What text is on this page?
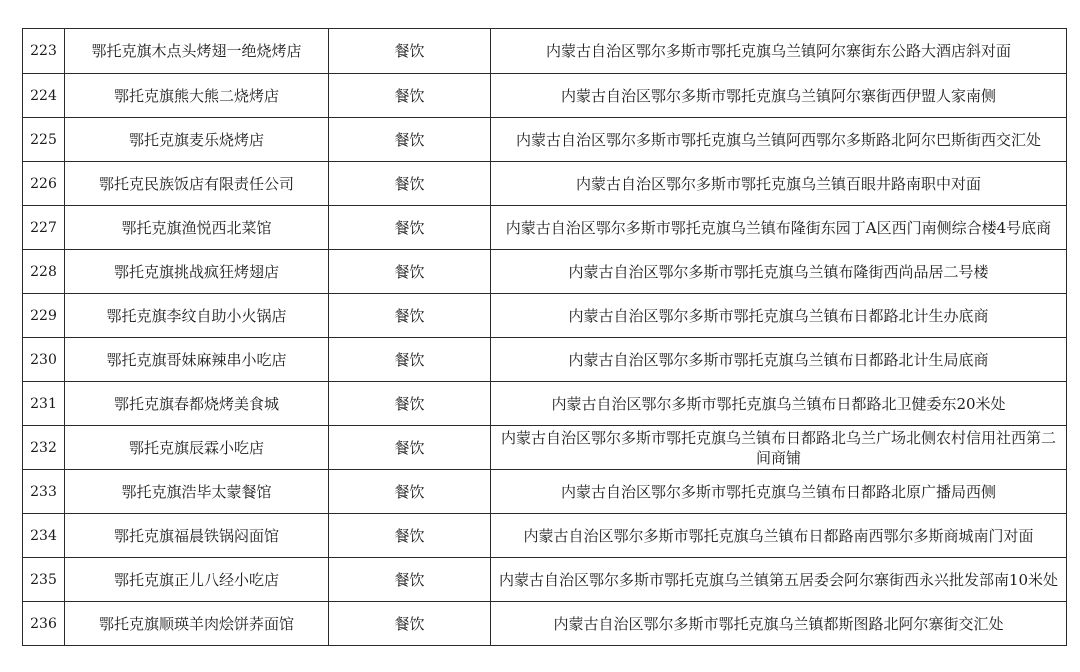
223	鄂托克旗木点头烤翅一绝烧烤店	餐饮	内蒙古自治区鄂尔多斯市鄂托克旗乌兰镇阿尔寨街东公路大酒店斜对面
224	鄂托克旗熊大熊二烧烤店	餐饮	内蒙古自治区鄂尔多斯市鄂托克旗乌兰镇阿尔寨街西伊盟人家南侧
225	鄂托克旗麦乐烧烤店	餐饮	内蒙古自治区鄂尔多斯市鄂托克旗乌兰镇阿西鄂尔多斯路北阿尔巴斯街西交汇处
226	鄂托克民族饭店有限责任公司	餐饮	内蒙古自治区鄂尔多斯市鄂托克旗乌兰镇百眼井路南职中对面
227	鄂托克旗渔悦西北菜馆	餐饮	内蒙古自治区鄂尔多斯市鄂托克旗乌兰镇布隆街东园丁A区西门南侧综合楼4号底商
228	鄂托克旗挑战疯狂烤翅店	餐饮	内蒙古自治区鄂尔多斯市鄂托克旗乌兰镇布隆街西尚品居二号楼
229	鄂托克旗李纹自助小火锅店	餐饮	内蒙古自治区鄂尔多斯市鄂托克旗乌兰镇布日都路北计生办底商
230	鄂托克旗哥妹麻辣串小吃店	餐饮	内蒙古自治区鄂尔多斯市鄂托克旗乌兰镇布日都路北计生局底商
231	鄂托克旗春都烧烤美食城	餐饮	内蒙古自治区鄂尔多斯市鄂托克旗乌兰镇布日都路北卫健委东20米处
232	鄂托克旗辰霖小吃店	餐饮	内蒙古自治区鄂尔多斯市鄂托克旗乌兰镇布日都路北乌兰广场北侧农村信用社西第二间商铺
233	鄂托克旗浩毕太蒙餐馆	餐饮	内蒙古自治区鄂尔多斯市鄂托克旗乌兰镇布日都路北原广播局西侧
234	鄂托克旗福晨铁锅闷面馆	餐饮	内蒙古自治区鄂尔多斯市鄂托克旗乌兰镇布日都路南西鄂尔多斯商城南门对面
235	鄂托克旗正儿八经小吃店	餐饮	内蒙古自治区鄂尔多斯市鄂托克旗乌兰镇第五居委会阿尔寨街西永兴批发部南10米处
236	鄂托克旗顺瑛羊肉烩饼荞面馆	餐饮	内蒙古自治区鄂尔多斯市鄂托克旗乌兰镇都斯图路北阿尔寨街交汇处
